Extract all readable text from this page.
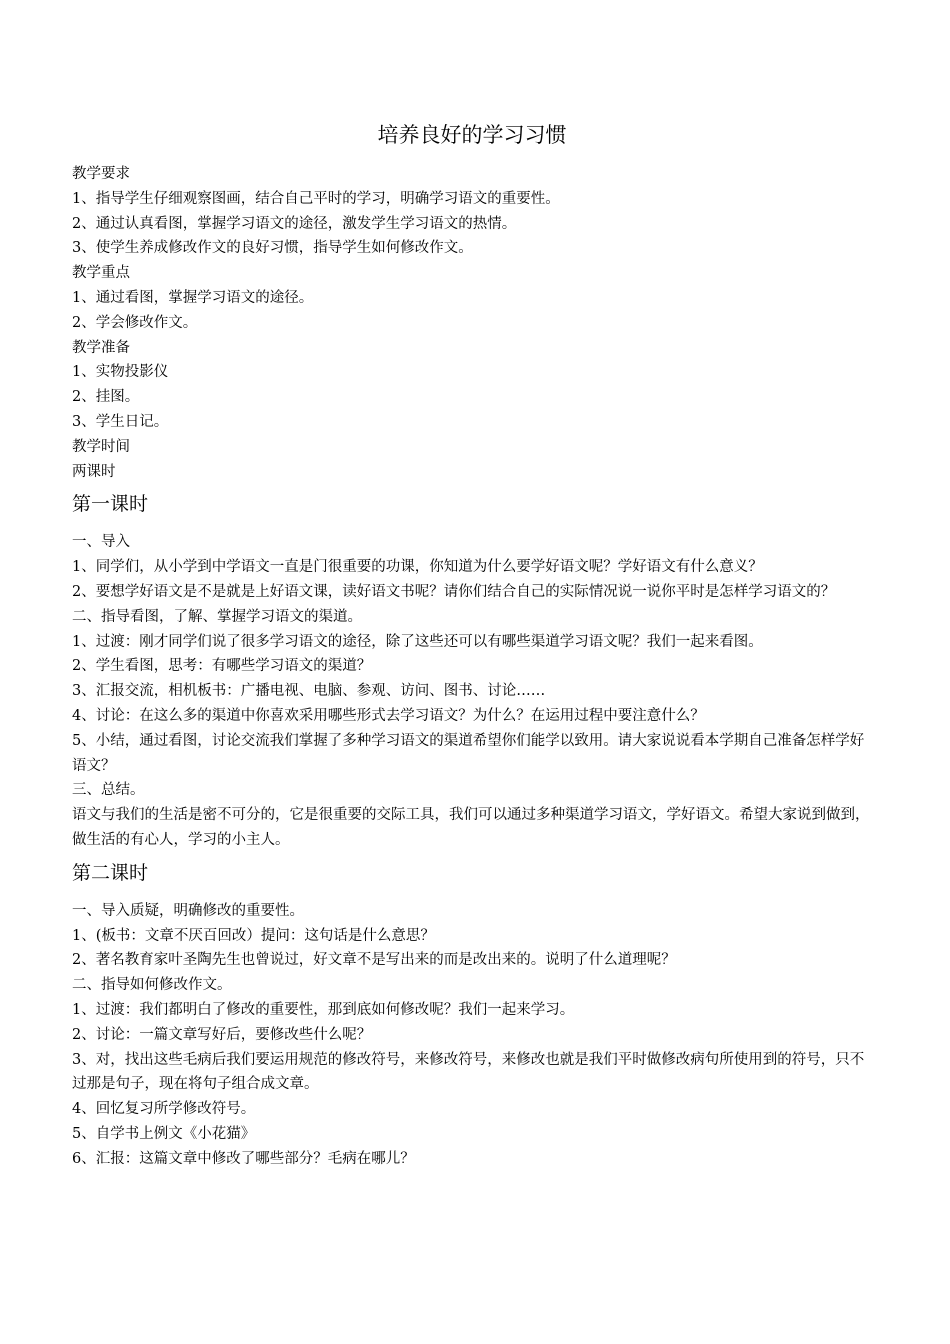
培养良好的学习习惯

教学要求

1、指导学生仔细观察图画，结合自己平时的学习，明确学习语文的重要性。

2、通过认真看图，掌握学习语文的途径，激发学生学习语文的热情。

3、使学生养成修改作文的良好习惯，指导学生如何修改作文。

教学重点

1、通过看图，掌握学习语文的途径。

2、学会修改作文。

教学准备

1、实物投影仪

2、挂图。

3、学生日记。

教学时间

两课时

第一课时

一、导入

1、同学们，从小学到中学语文一直是门很重要的功课，你知道为什么要学好语文呢？学好语文有什么意义？

2、要想学好语文是不是就是上好语文课，读好语文书呢？请你们结合自己的实际情况说一说你平时是怎样学习语文的？

二、指导看图，了解、掌握学习语文的渠道。

1、过渡：刚才同学们说了很多学习语文的途径，除了这些还可以有哪些渠道学习语文呢？我们一起来看图。

2、学生看图，思考：有哪些学习语文的渠道？

3、汇报交流，相机板书：广播电视、电脑、参观、访问、图书、讨论……

4、讨论：在这么多的渠道中你喜欢采用哪些形式去学习语文？为什么？在运用过程中要注意什么？

5、小结，通过看图，讨论交流我们掌握了多种学习语文的渠道希望你们能学以致用。请大家说说看本学期自己准备怎样学好语文？

三、总结。

语文与我们的生活是密不可分的，它是很重要的交际工具，我们可以通过多种渠道学习语文，学好语文。希望大家说到做到，做生活的有心人，学习的小主人。

第二课时

一、导入质疑，明确修改的重要性。

1、(板书：文章不厌百回改）提问：这句话是什么意思？

2、著名教育家叶圣陶先生也曾说过，好文章不是写出来的而是改出来的。说明了什么道理呢？

二、指导如何修改作文。

1、过渡：我们都明白了修改的重要性，那到底如何修改呢？我们一起来学习。

2、讨论：一篇文章写好后，要修改些什么呢？

3、对，找出这些毛病后我们要运用规范的修改符号，来修改符号，来修改也就是我们平时做修改病句所使用到的符号，只不过那是句子，现在将句子组合成文章。

4、回忆复习所学修改符号。

5、自学书上例文《小花猫》

6、汇报：这篇文章中修改了哪些部分？毛病在哪儿？
